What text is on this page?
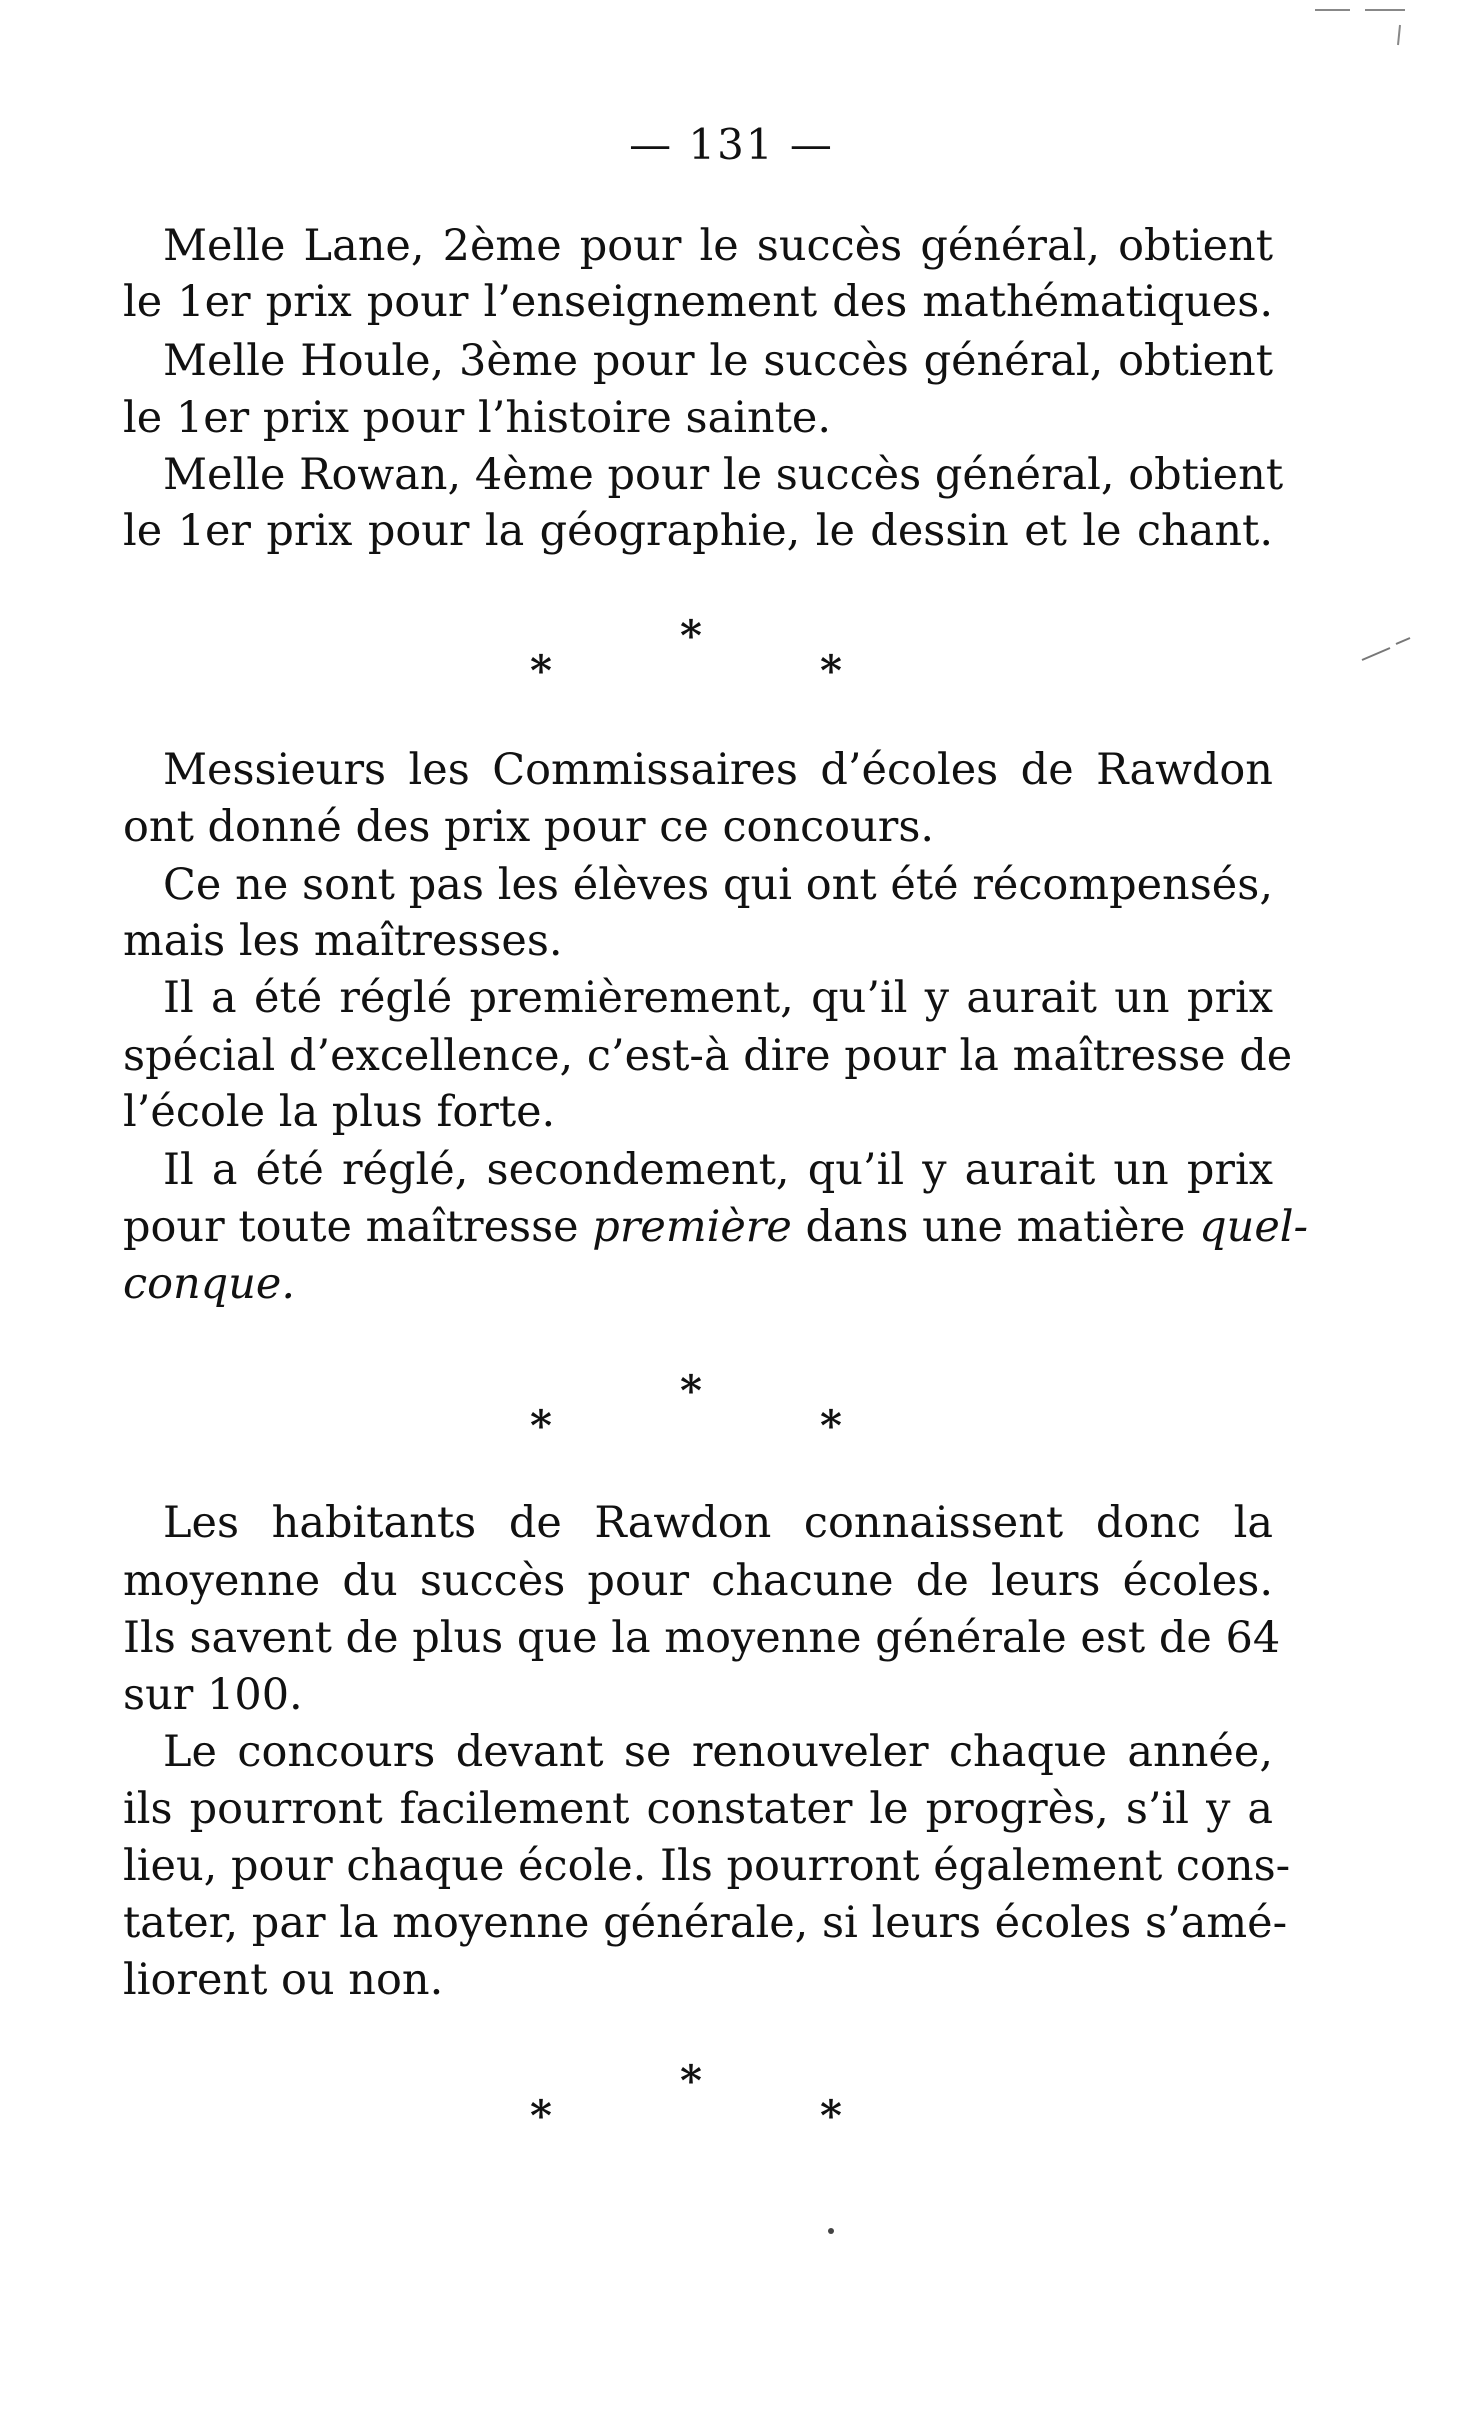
— 131 —
Melle Lane, 2ème pour le succès général, obtient
le 1er prix pour l’enseignement des mathématiques.
Melle Houle, 3ème pour le succès général, obtient
le 1er prix pour l’histoire sainte.
Melle Rowan, 4ème pour le succès général, obtient
le 1er prix pour la géographie, le dessin et le chant.
*
*	*
Messieurs les Commissaires d’écoles de Rawdon
ont donné des prix pour ce concours.
Ce ne sont pas les élèves qui ont été récompensés,
mais les maîtresses.
Il a été réglé premièrement, qu’il y aurait un prix
spécial d’excellence, c’est-à dire pour la maîtresse de
l’école la plus forte.
Il a été réglé, secondement, qu’il y aurait un prix
pour toute maîtresse première dans une matière quel-
conque.
*
*	*
Les habitants de Rawdon connaissent donc la
moyenne du succès pour chacune de leurs écoles.
Ils savent de plus que la moyenne générale est de 64
sur 100.
Le concours devant se renouveler chaque année,
ils pourront facilement constater le progrès, s’il y a
lieu, pour chaque école. Ils pourront également cons-
tater, par la moyenne générale, si leurs écoles s’amé-
liorent ou non.
*
*	*
